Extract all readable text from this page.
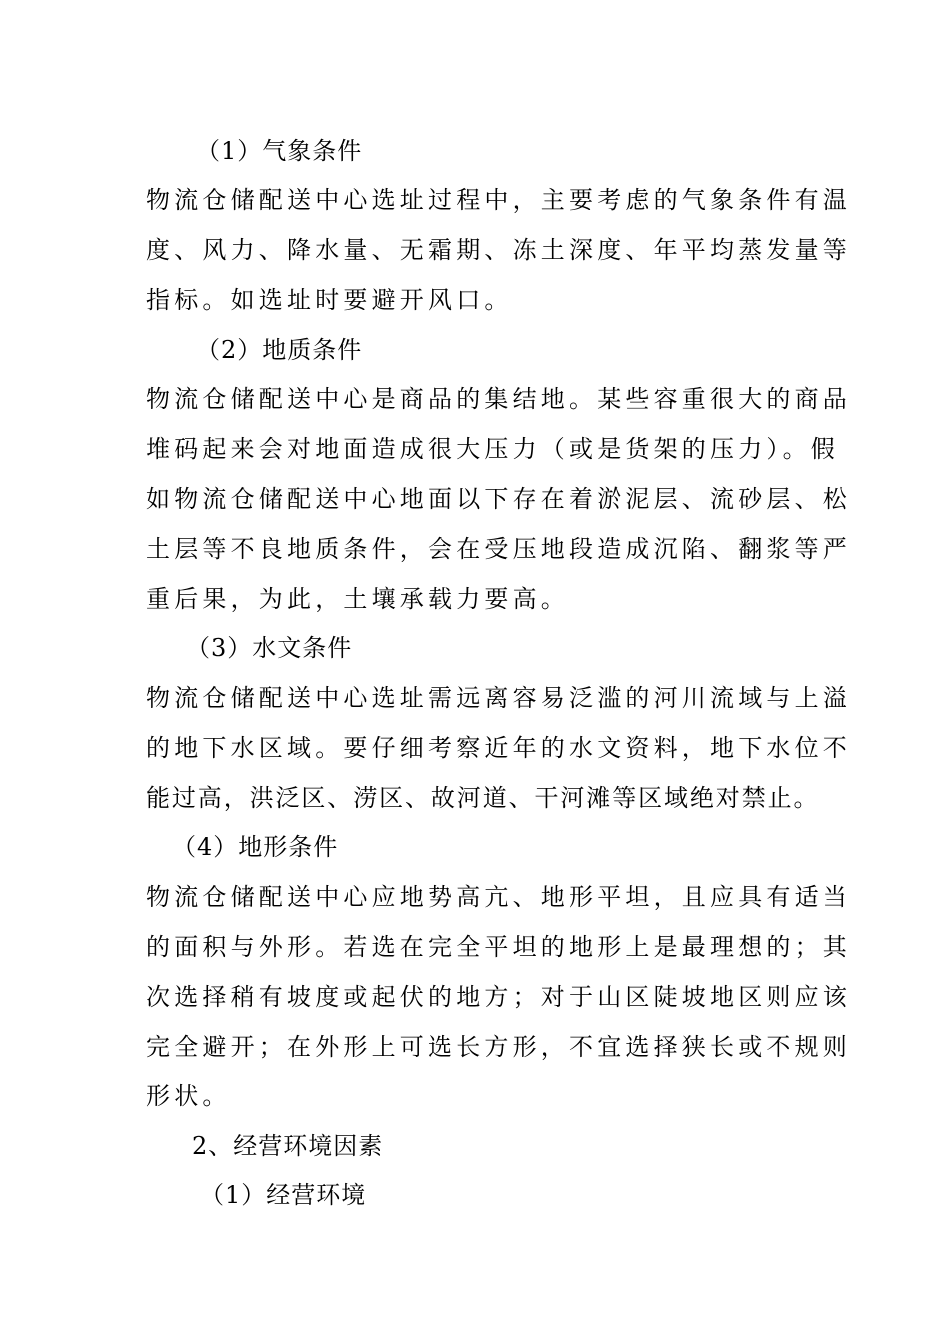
（1）气象条件
物流仓储配送中心选址过程中，主要考虑的气象条件有温
度、风力、降水量、无霜期、冻土深度、年平均蒸发量等
指标。如选址时要避开风口。
（2）地质条件
物流仓储配送中心是商品的集结地。某些容重很大的商品
堆码起来会对地面造成很大压力（或是货架的压力）。假
如物流仓储配送中心地面以下存在着淤泥层、流砂层、松
土层等不良地质条件，会在受压地段造成沉陷、翻浆等严
重后果，为此，土壤承载力要高。
（3）水文条件
物流仓储配送中心选址需远离容易泛滥的河川流域与上溢
的地下水区域。要仔细考察近年的水文资料，地下水位不
能过高，洪泛区、涝区、故河道、干河滩等区域绝对禁止。
（4）地形条件
物流仓储配送中心应地势高亢、地形平坦，且应具有适当
的面积与外形。若选在完全平坦的地形上是最理想的；其
次选择稍有坡度或起伏的地方；对于山区陡坡地区则应该
完全避开；在外形上可选长方形，不宜选择狭长或不规则
形状。
2、经营环境因素
（1）经营环境
